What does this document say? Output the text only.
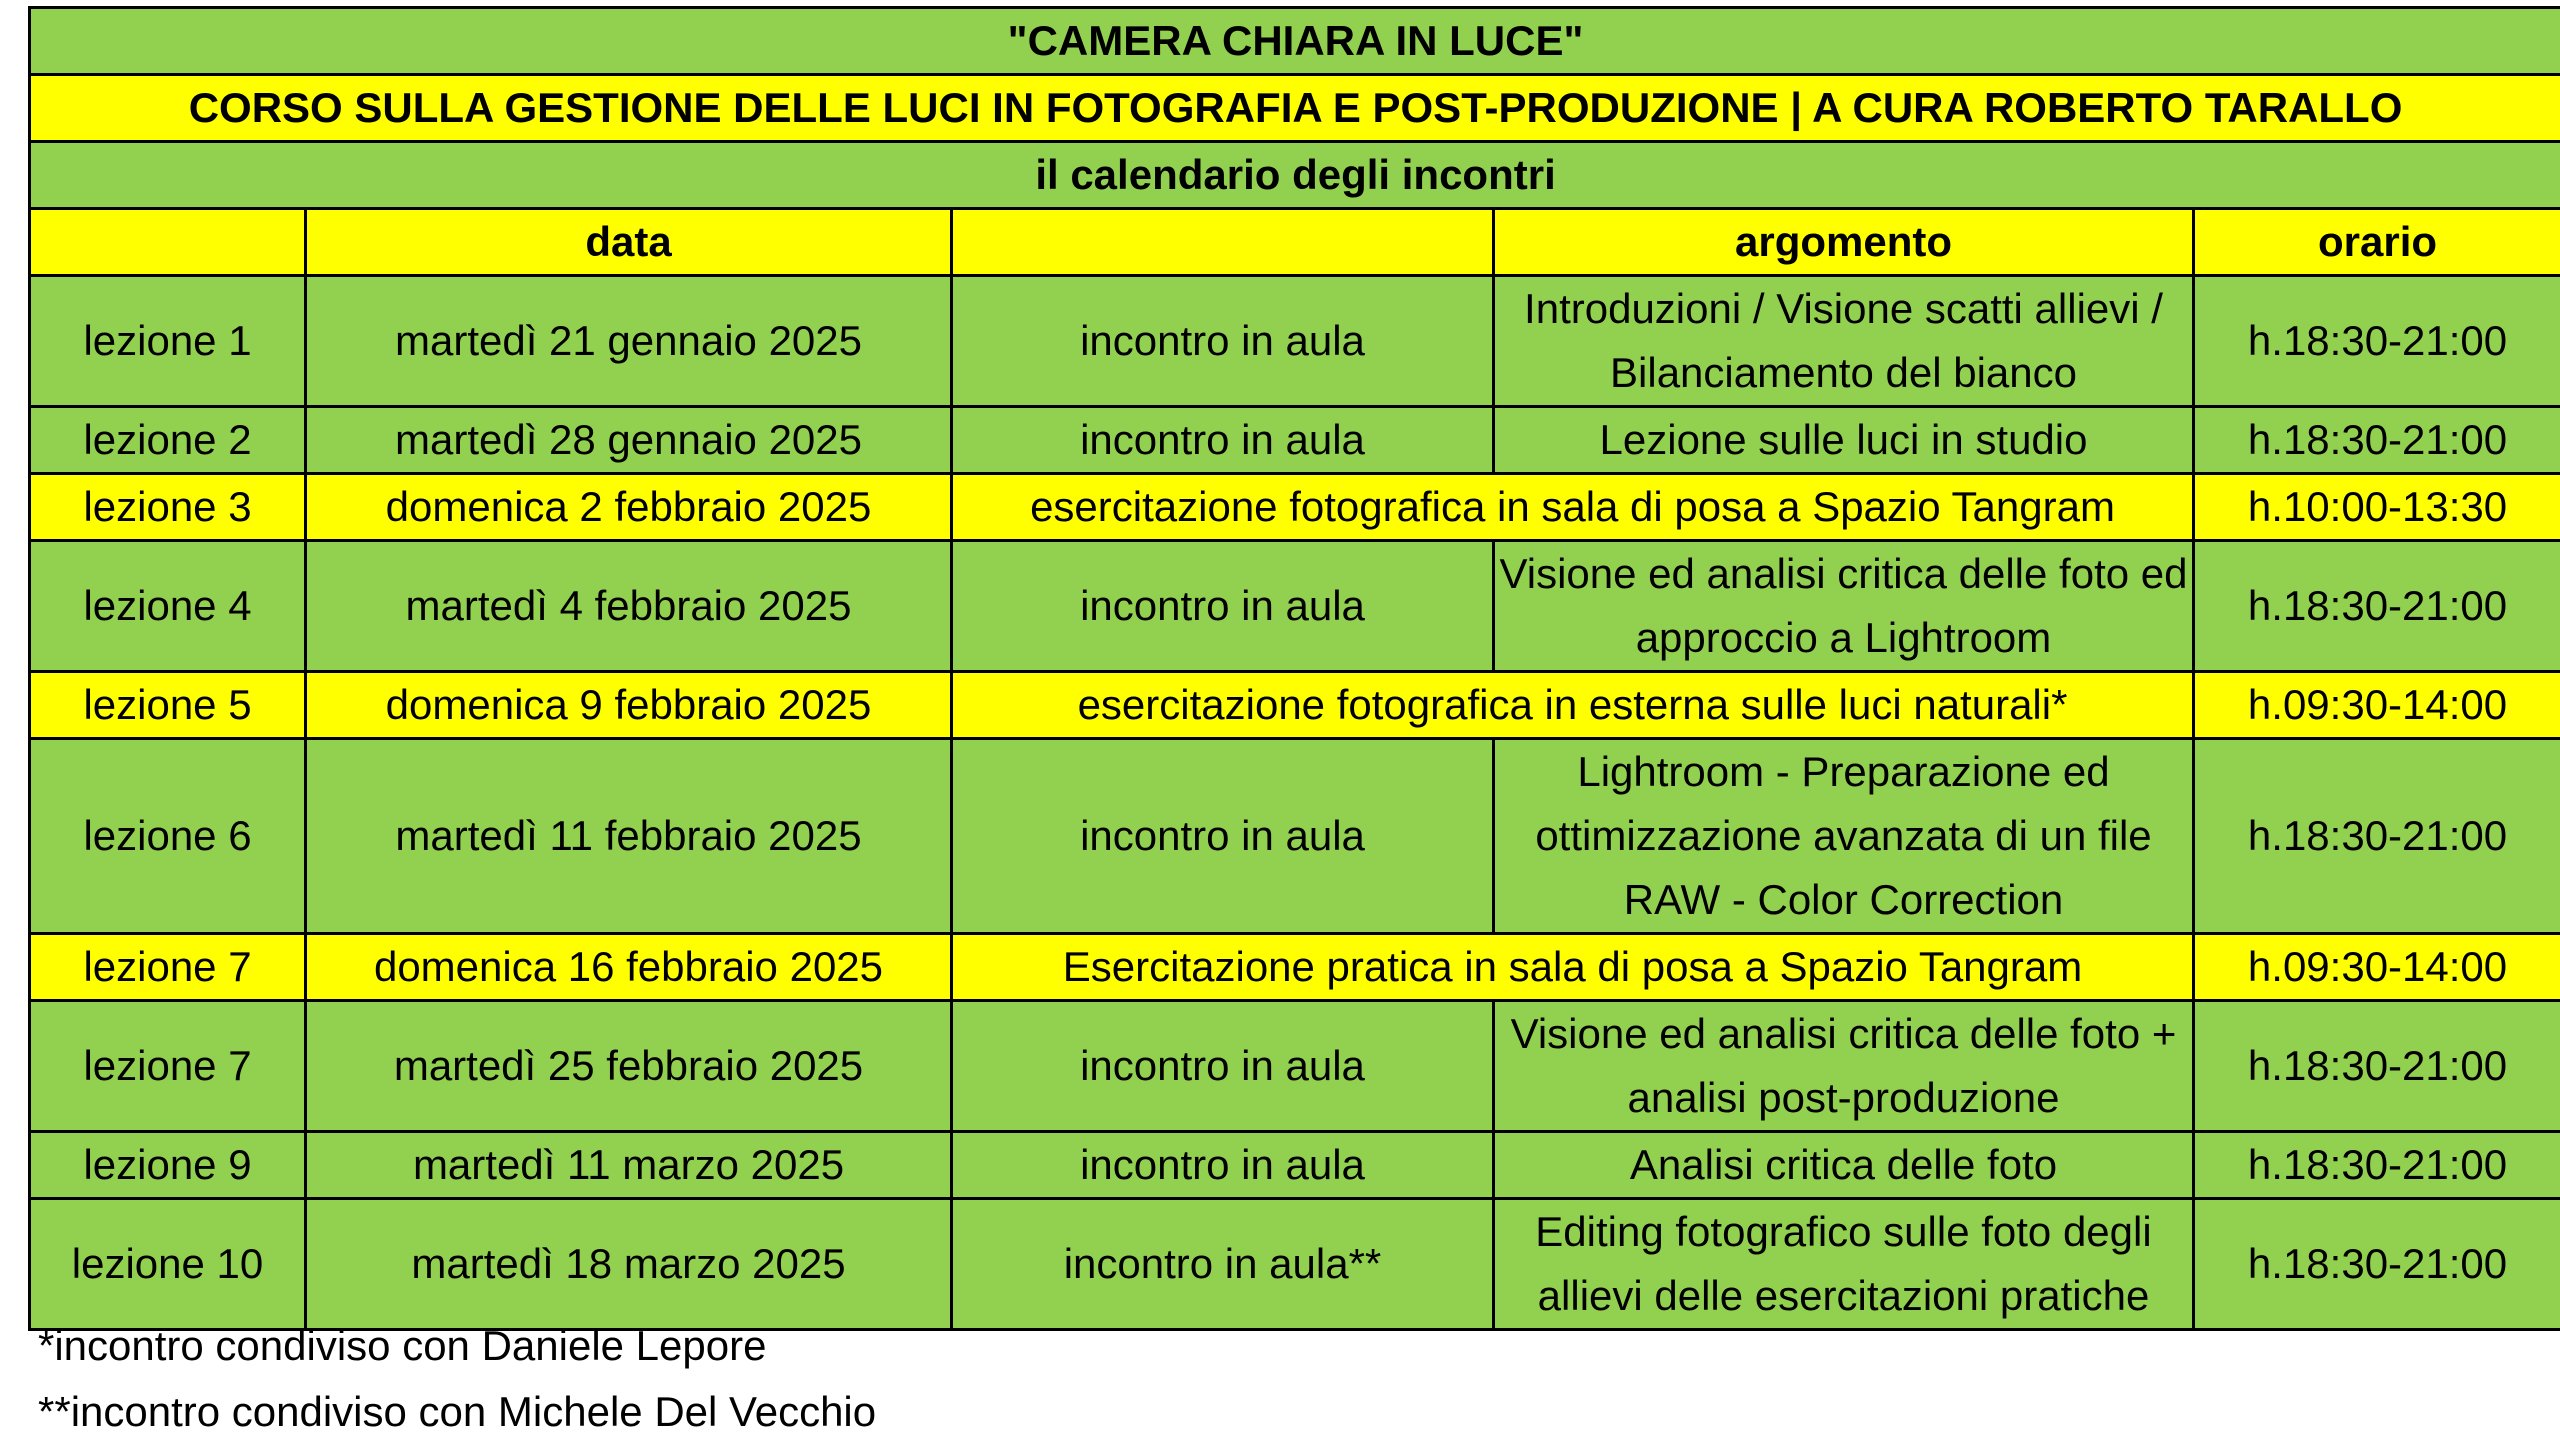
"CAMERA CHIARA IN LUCE"				
CORSO SULLA GESTIONE DELLE LUCI IN FOTOGRAFIA E POST-PRODUZIONE | A CURA ROBERTO TARALLO				
il calendario degli incontri				
	data		argomento	orario
lezione 1	martedì 21 gennaio 2025	incontro in aula	Introduzioni / Visione scatti allievi / Bilanciamento del bianco	h.18:30-21:00
lezione 2	martedì 28 gennaio 2025	incontro in aula	Lezione sulle luci in studio	h.18:30-21:00
lezione 3	domenica 2 febbraio 2025	esercitazione fotografica in sala di posa a Spazio Tangram		h.10:00-13:30
lezione 4	martedì 4 febbraio 2025	incontro in aula	Visione ed analisi critica delle foto ed approccio a Lightroom	h.18:30-21:00
lezione 5	domenica 9 febbraio 2025	esercitazione fotografica in esterna sulle luci naturali*		h.09:30-14:00
lezione 6	martedì 11 febbraio 2025	incontro in aula	Lightroom - Preparazione ed ottimizzazione avanzata di un file RAW - Color Correction	h.18:30-21:00
lezione 7	domenica 16 febbraio 2025	Esercitazione pratica in sala di posa a Spazio Tangram		h.09:30-14:00
lezione 7	martedì 25 febbraio 2025	incontro in aula	Visione ed analisi critica delle foto + analisi post-produzione	h.18:30-21:00
lezione 9	martedì 11 marzo 2025	incontro in aula	Analisi critica delle foto	h.18:30-21:00
lezione 10	martedì 18 marzo 2025	incontro in aula**	Editing fotografico sulle foto degli allievi delle esercitazioni pratiche	h.18:30-21:00
*incontro condiviso con Daniele Lepore
**incontro condiviso con Michele Del Vecchio
